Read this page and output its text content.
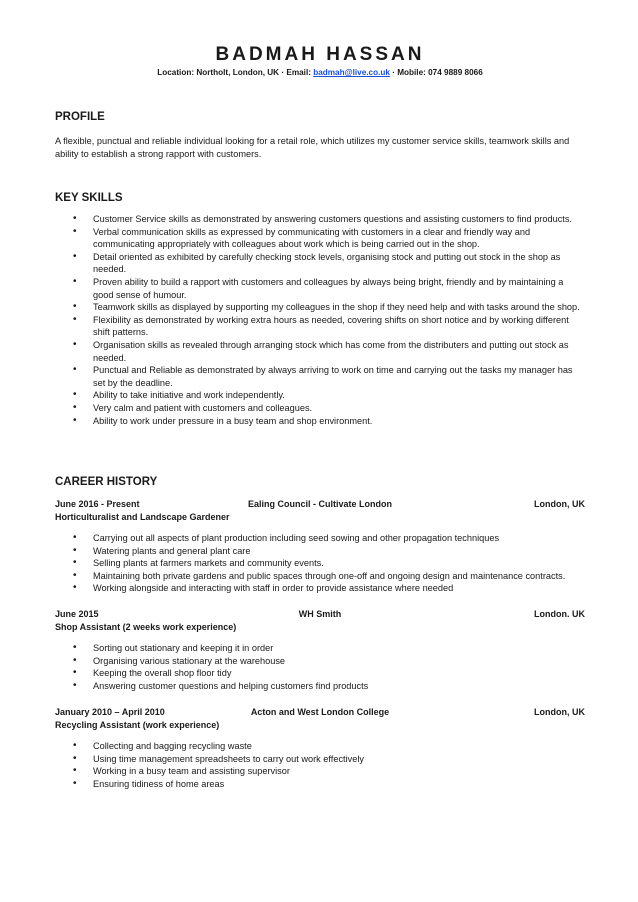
BADMAH HASSAN
Location: Northolt, London, UK · Email: badmah@live.co.uk · Mobile: 074 9889 8066
PROFILE
A flexible, punctual and reliable individual looking for a retail role, which utilizes my customer service skills, teamwork skills and ability to establish a strong rapport with customers.
KEY SKILLS
• Customer Service skills as demonstrated by answering customers questions and assisting customers to find products.
• Verbal communication skills as expressed by communicating with customers in a clear and friendly way and communicating appropriately with colleagues about work which is being carried out in the shop.
• Detail oriented as exhibited by carefully checking stock levels, organising stock and putting out stock in the shop as needed.
• Proven ability to build a rapport with customers and colleagues by always being bright, friendly and by maintaining a good sense of humour.
• Teamwork skills as displayed by supporting my colleagues in the shop if they need help and with tasks around the shop.
• Flexibility as demonstrated by working extra hours as needed, covering shifts on short notice and by working different shift patterns.
• Organisation skills as revealed through arranging stock which has come from the distributers and putting out stock as needed.
• Punctual and Reliable as demonstrated by always arriving to work on time and carrying out the tasks my manager has set by the deadline.
• Ability to take initiative and work independently.
• Very calm and patient with customers and colleagues.
• Ability to work under pressure in a busy team and shop environment.
CAREER HISTORY
June 2016 - Present	Ealing Council - Cultivate London	London, UK
Horticulturalist and Landscape Gardener
• Carrying out all aspects of plant production including seed sowing and other propagation techniques
• Watering plants and general plant care
• Selling plants at farmers markets and community events.
• Maintaining both private gardens and public spaces through one-off and ongoing design and maintenance contracts.
• Working alongside and interacting with staff in order to provide assistance where needed
June 2015	WH Smith	London. UK
Shop Assistant (2 weeks work experience)
• Sorting out stationary and keeping it in order
• Organising various stationary at the warehouse
• Keeping the overall shop floor tidy
• Answering customer questions and helping customers find products
January 2010 – April 2010	Acton and West London College	London, UK
Recycling Assistant (work experience)
• Collecting and bagging recycling waste
• Using time management spreadsheets to carry out work effectively
• Working in a busy team and assisting supervisor
• Ensuring tidiness of home areas
